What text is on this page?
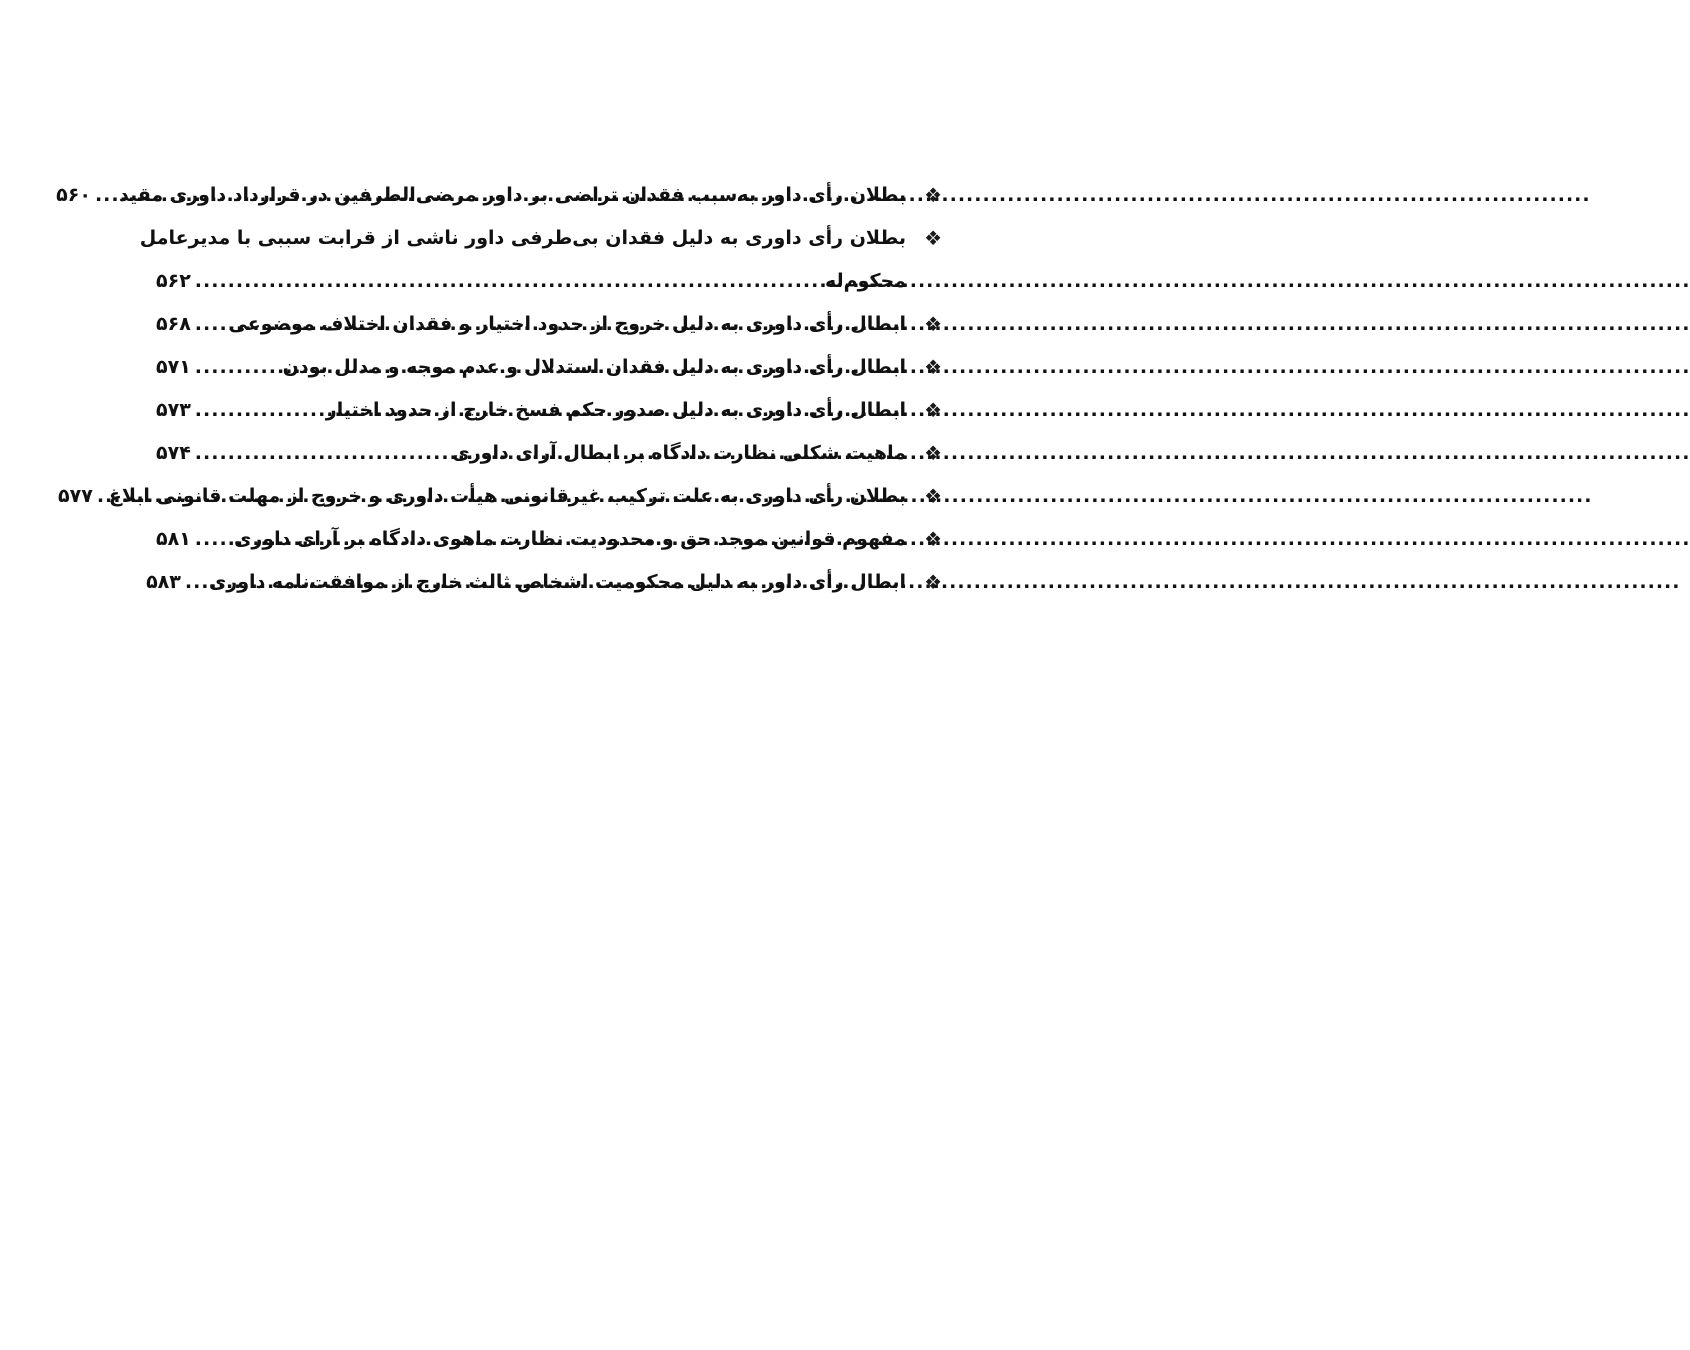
❖
بطلان رأی داور به‌سبب فقدان تراضی بر داور مرضی‌الطرفین در قرارداد داوری مقید
.....
۵۶۰
❖
بطلان رأی داوری به دلیل فقدان بی‌طرفی داور ناشی از قرابت سببی با مدیرعامل
محکوم‌له
.....
۵۶۲
❖
ابطال رأی داوری به دلیل خروج از حدود اختیار و فقدان اختلاف موضوعی
.....
۵۶۸
❖
ابطال رأی داوری به دلیل فقدان استدلال و عدم موجه و مدلل بودن
.....
۵۷۱
❖
ابطال رأی داوری به دلیل صدور حکم فسخ خارج از حدود اختیار
.....
۵۷۳
❖
ماهیت شکلی نظارت دادگاه بر ابطال آرای داوری
.....
۵۷۴
❖
بطلان رأی داوری به علت ترکیب غیرقانونی هیأت داوری و خروج از مهلت قانونی ابلاغ
.....
۵۷۷
❖
مفهوم قوانین موجد حق و محدودیت نظارت ماهوی دادگاه بر آرای داوری
.....
۵۸۱
❖
ابطال رأی داور به دلیل محکومیت اشخاص ثالث خارج از موافقت‌نامه داوری
.....
۵۸۳
